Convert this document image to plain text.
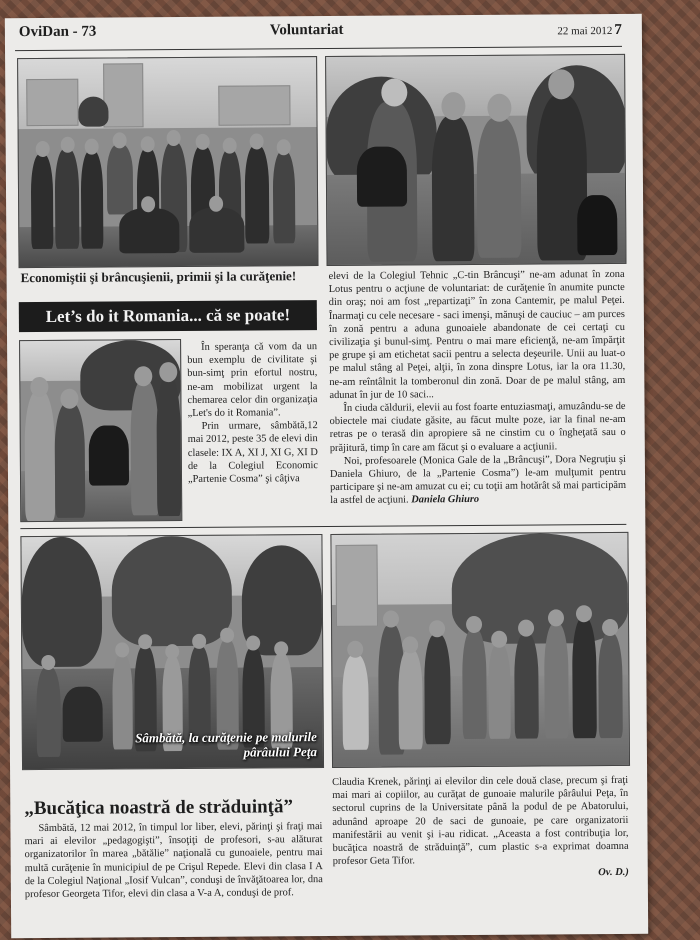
OviDan - 73	Voluntariat	22 mai 2012 7
Economiştii şi brâncuşienii, primii şi la curăţenie!
Let’s do it Romania... că se poate!

În speranţa că vom da un bun exemplu de civilitate şi bun-simţ prin efortul nostru, ne-am mobilizat urgent la chemarea celor din organizaţia „Let's do it Romania”.

Prin urmare, sâmbătă,12 mai 2012, peste 35 de elevi din clasele: IX A, XI J, XI G, XI D de la Colegiul Economic „Partenie Cosma” şi câţiva

elevi de la Colegiul Tehnic „C-tin Brâncuşi” ne-am adunat în zona Lotus pentru o acţiune de voluntariat: de curăţenie în anumite puncte din oraş; noi am fost „repartizaţi” în zona Cantemir, pe malul Peţei. Înarmaţi cu cele necesare - saci imenşi, mănuşi de cauciuc – am purces în zonă pentru a aduna gunoaiele abandonate de cei certaţi cu civilizaţia şi bunul-simţ. Pentru o mai mare eficienţă, ne-am împărţit pe grupe şi am etichetat sacii pentru a selecta deşeurile. Unii au luat-o pe malul stâng al Peţei, alţii, în zona dinspre Lotus, iar la ora 11.30, ne-am reîntâlnit la tomberonul din zonă. Doar de pe malul stâng, am adunat în jur de 10 saci...

În ciuda căldurii, elevii au fost foarte entuziasmaţi, amuzându-se de obiectele mai ciudate găsite, au făcut multe poze, iar la final ne-am retras pe o terasă din apropiere să ne cinstim cu o îngheţată sau o prăjitură, timp în care am făcut şi o evaluare a acţiunii.

Noi, profesoarele (Monica Gale de la „Brâncuşi”, Dora Negruţiu şi Daniela Ghiuro, de la „Partenie Cosma”) le-am mulţumit pentru participare şi ne-am amuzat cu ei; cu toţii am hotărât să mai participăm la astfel de acţiuni. Daniela Ghiuro

Sâmbătă, la curăţenie pe malurile pârâului Peţa
„Bucăţica noastră de străduinţă”

Sâmbătă, 12 mai 2012, în timpul lor liber, elevi, părinţi şi fraţi mai mari ai elevilor „pedagogişti”, însoţiţi de profesori, s-au alăturat organizatorilor în marea „bătălie” naţională cu gunoaiele, pentru mai multă curăţenie în municipiul de pe Crişul Repede. Elevi din clasa I A de la Colegiul Naţional „Iosif Vulcan”, conduşi de învăţătoarea lor, dna profesor Georgeta Tifor, elevi din clasa a V-a A, conduşi de prof.

Claudia Krenek, părinţi ai elevilor din cele două clase, precum şi fraţi mai mari ai copiilor, au curăţat de gunoaie malurile pârâului Peţa, în sectorul cuprins de la Universitate până la podul de pe Abatorului, adunând aproape 20 de saci de gunoaie, pe care organizatorii manifestării au venit şi i-au ridicat. „Aceasta a fost contribuţia lor, bucăţica noastră de străduinţă”, cum plastic s-a exprimat doamna profesor Geta Tifor.

Ov. D.)
